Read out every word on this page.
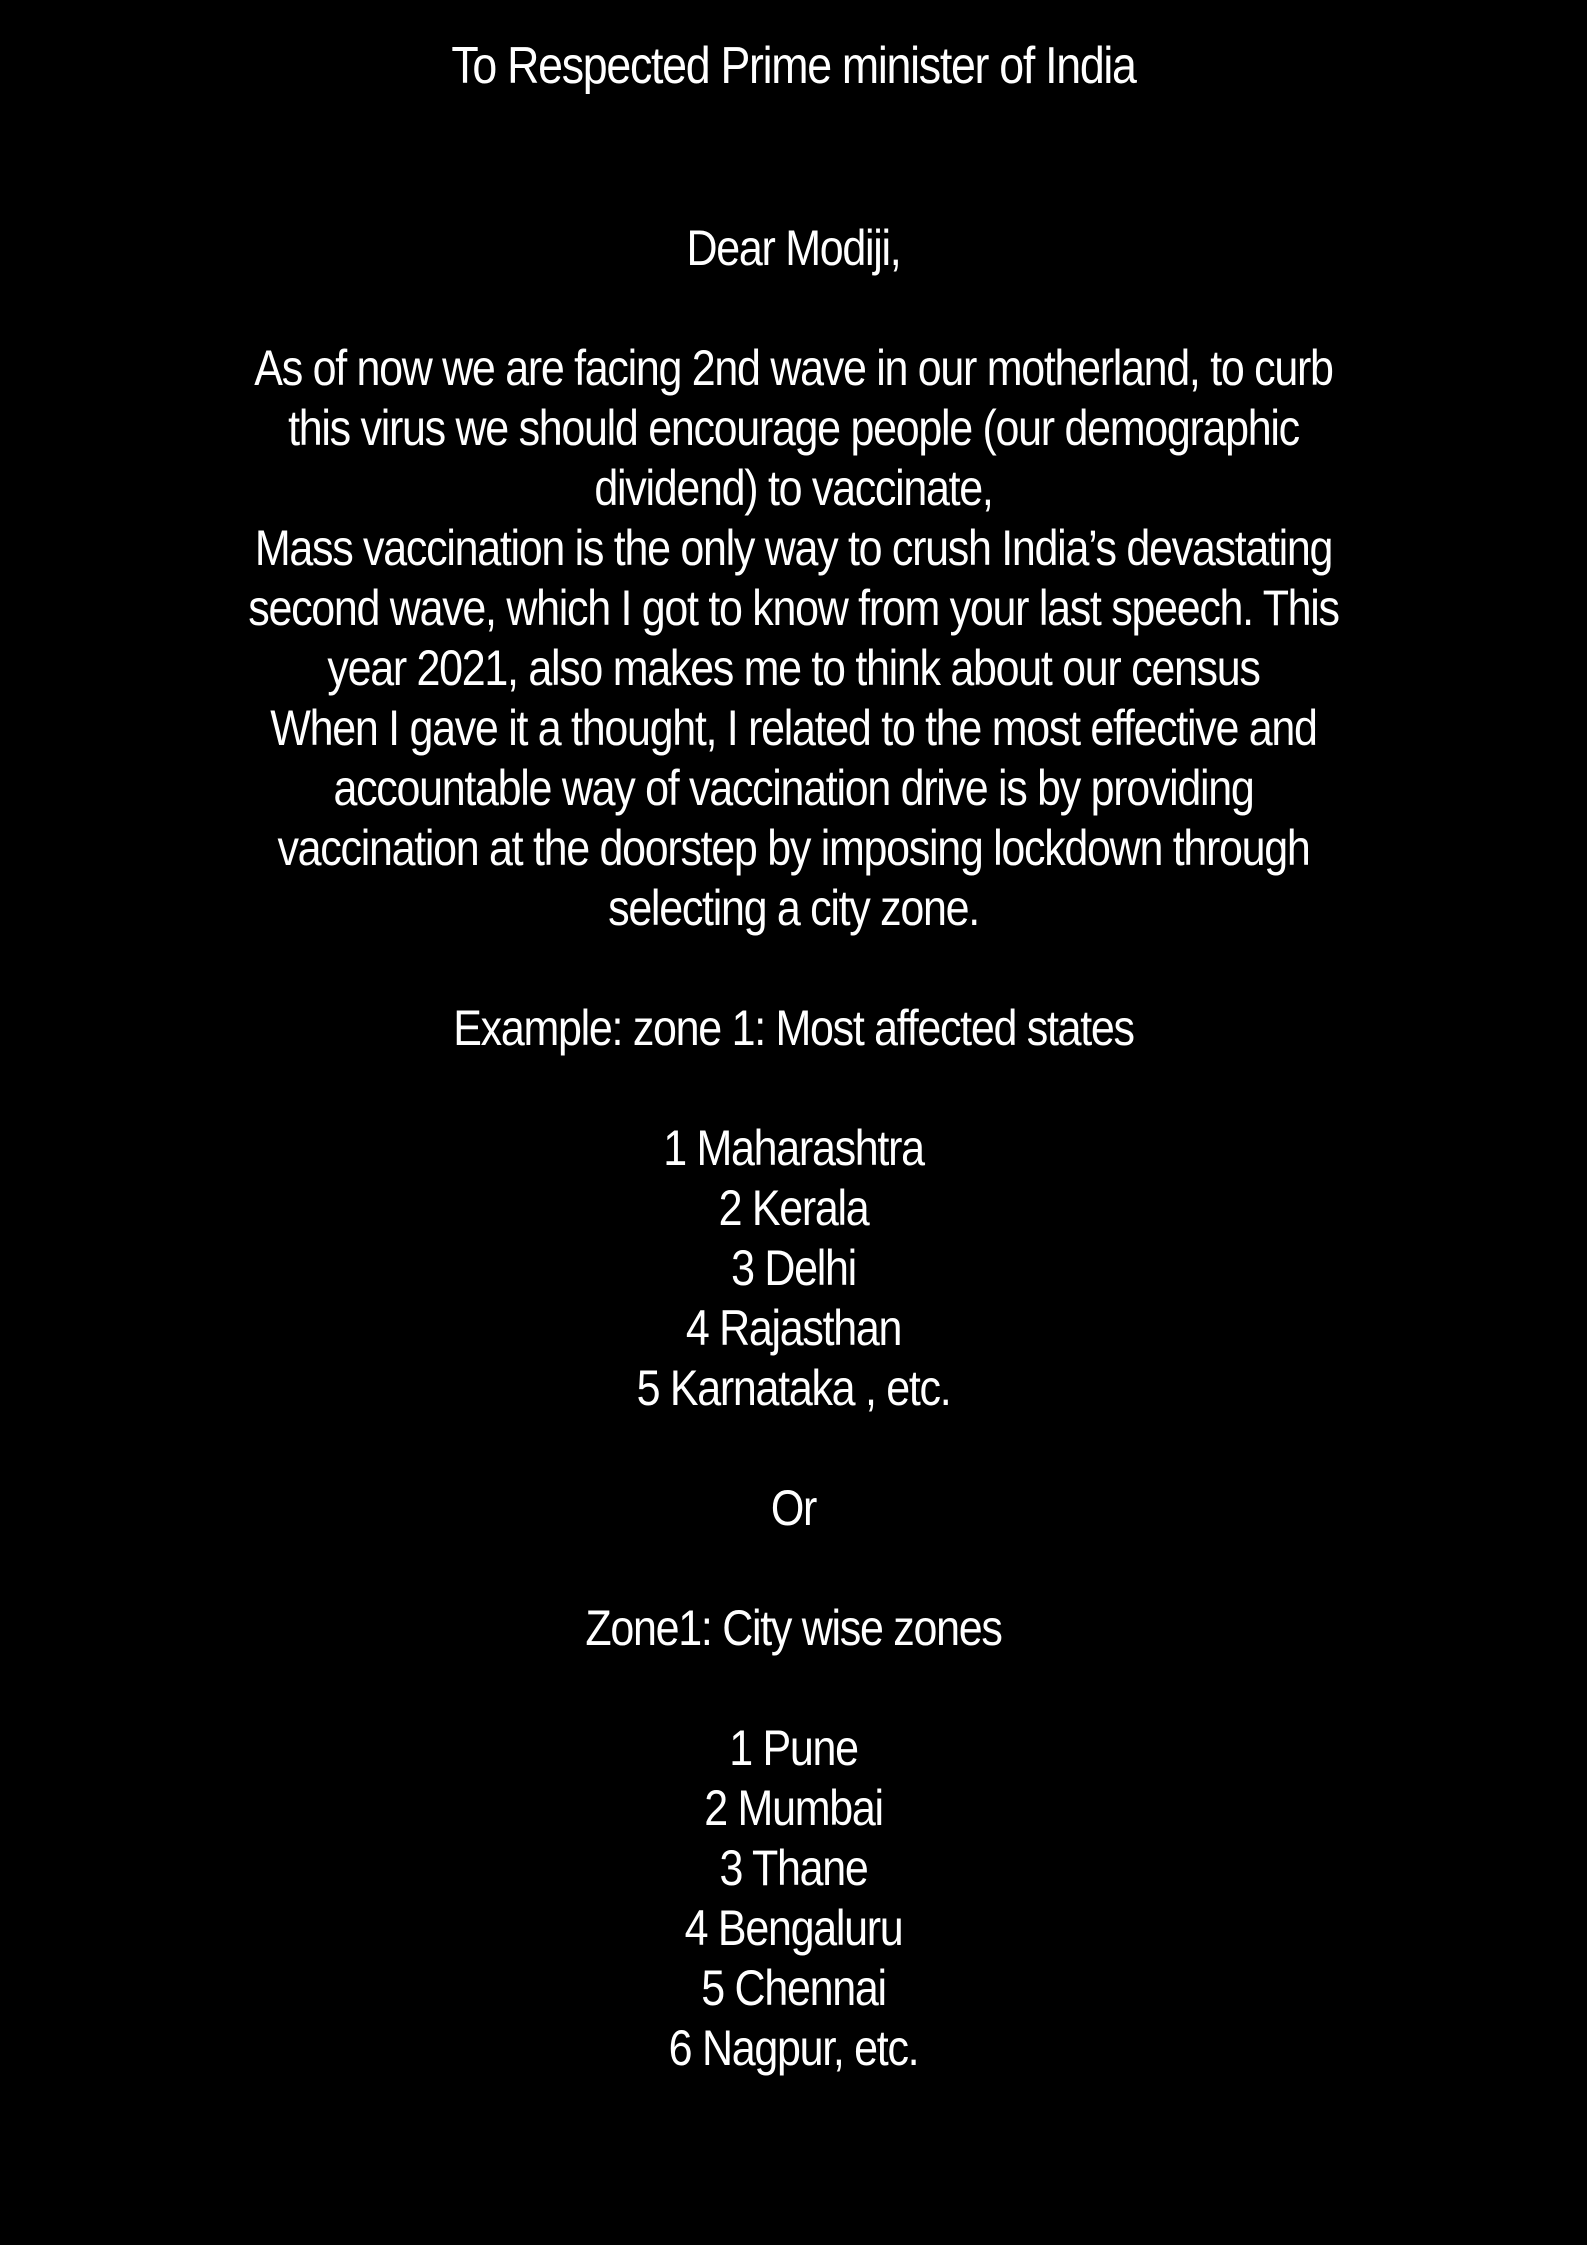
To Respected Prime minister of India
Dear Modiji,
As of now we are facing 2nd wave in our motherland, to curb
this virus we should encourage people (our demographic
dividend) to vaccinate,
Mass vaccination is the only way to crush India’s devastating
second wave, which I got to know from your last speech. This
year 2021, also makes me to think about our census
When I gave it a thought, I related to the most effective and
accountable way of vaccination drive is by providing
vaccination at the doorstep by imposing lockdown through
selecting a city zone.
Example: zone 1: Most affected states
1 Maharashtra
2 Kerala
3 Delhi
4 Rajasthan
5 Karnataka , etc.
Or
Zone1: City wise zones
1 Pune
2 Mumbai
3 Thane
4 Bengaluru
5 Chennai
6 Nagpur, etc.
